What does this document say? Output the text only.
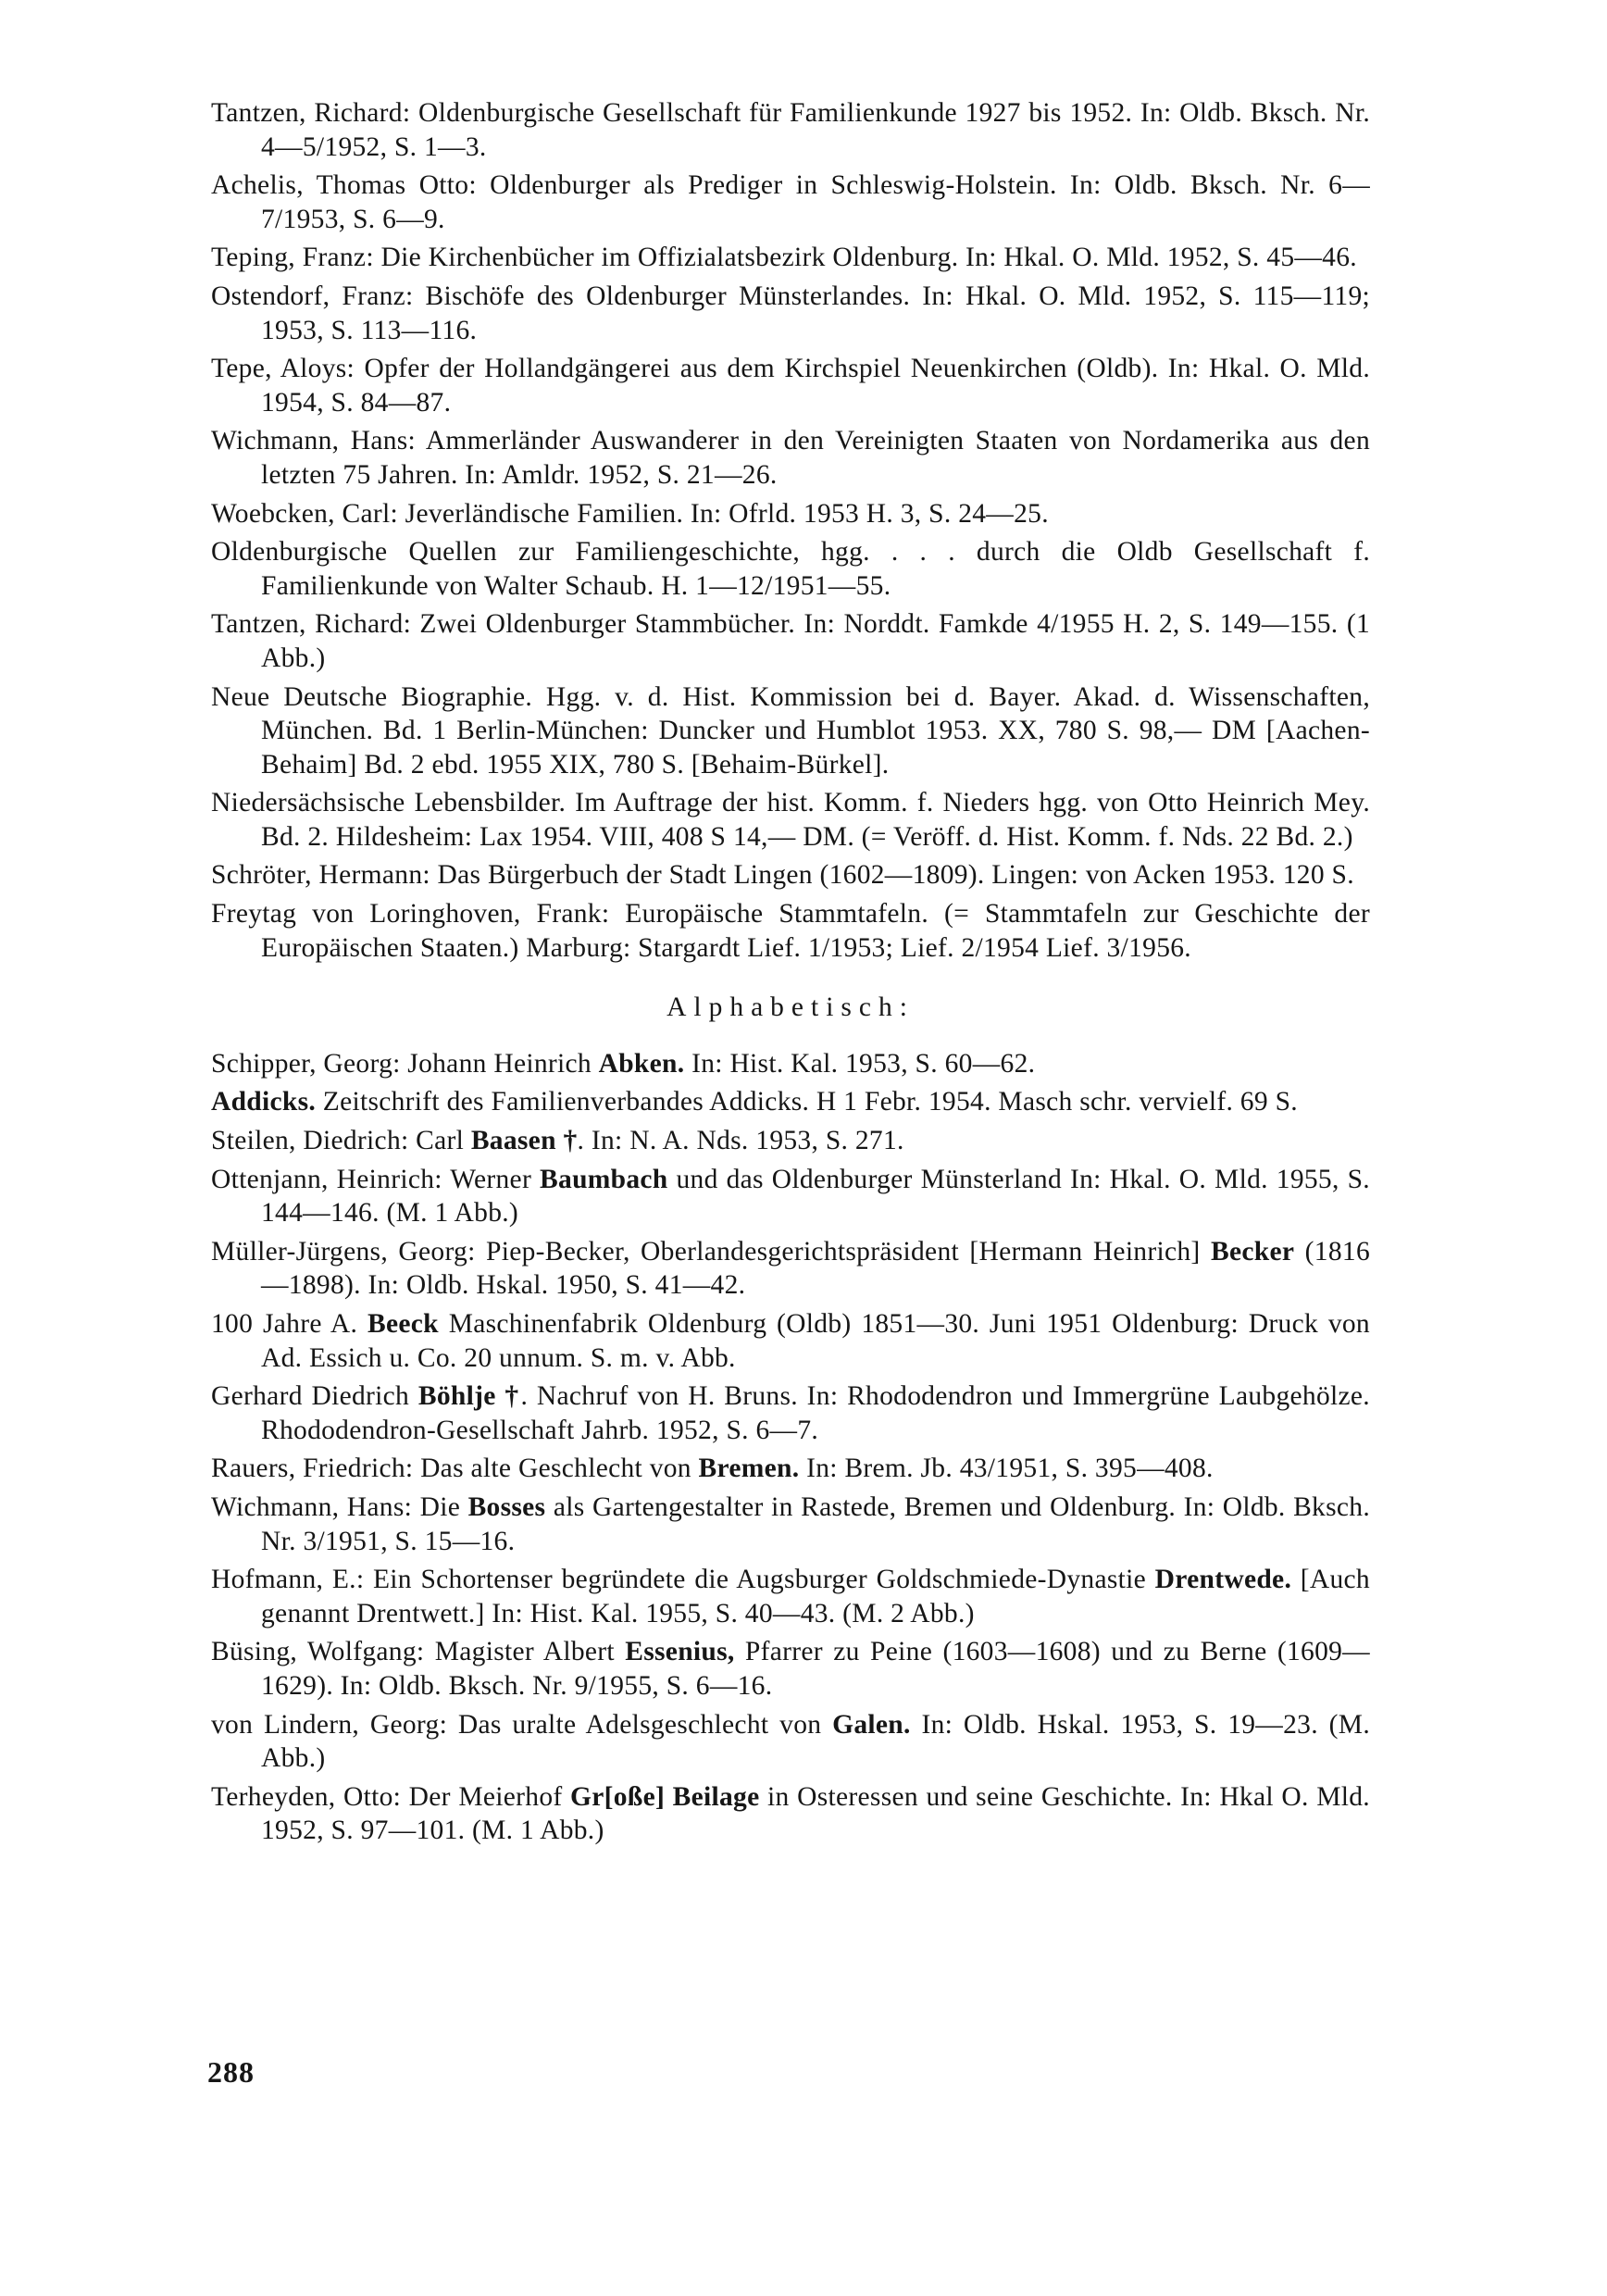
Tantzen, Richard: Oldenburgische Gesellschaft für Familienkunde 1927 bis 1952. In: Oldb. Bksch. Nr. 4—5/1952, S. 1—3.
Achelis, Thomas Otto: Oldenburger als Prediger in Schleswig-Holstein. In: Oldb. Bksch. Nr. 6—7/1953, S. 6—9.
Teping, Franz: Die Kirchenbücher im Offizialatsbezirk Oldenburg. In: Hkal. O. Mld. 1952, S. 45—46.
Ostendorf, Franz: Bischöfe des Oldenburger Münsterlandes. In: Hkal. O. Mld. 1952, S. 115—119; 1953, S. 113—116.
Tepe, Aloys: Opfer der Hollandgängerei aus dem Kirchspiel Neuenkirchen (Oldb). In: Hkal. O. Mld. 1954, S. 84—87.
Wichmann, Hans: Ammerländer Auswanderer in den Vereinigten Staaten von Nordamerika aus den letzten 75 Jahren. In: Amldr. 1952, S. 21—26.
Woebcken, Carl: Jeverländische Familien. In: Ofrld. 1953 H. 3, S. 24—25.
Oldenburgische Quellen zur Familiengeschichte, hgg. . . . durch die Oldb Gesellschaft f. Familienkunde von Walter Schaub. H. 1—12/1951—55.
Tantzen, Richard: Zwei Oldenburger Stammbücher. In: Norddt. Famkde 4/1955 H. 2, S. 149—155. (1 Abb.)
Neue Deutsche Biographie. Hgg. v. d. Hist. Kommission bei d. Bayer. Akad. d. Wissenschaften, München. Bd. 1 Berlin-München: Duncker und Humblot 1953. XX, 780 S. 98,— DM [Aachen-Behaim] Bd. 2 ebd. 1955 XIX, 780 S. [Behaim-Bürkel].
Niedersächsische Lebensbilder. Im Auftrage der hist. Komm. f. Nieders hgg. von Otto Heinrich Mey. Bd. 2. Hildesheim: Lax 1954. VIII, 408 S 14,— DM. (= Veröff. d. Hist. Komm. f. Nds. 22 Bd. 2.)
Schröter, Hermann: Das Bürgerbuch der Stadt Lingen (1602—1809). Lingen: von Acken 1953. 120 S.
Freytag von Loringhoven, Frank: Europäische Stammtafeln. (= Stammtafeln zur Geschichte der Europäischen Staaten.) Marburg: Stargardt Lief. 1/1953; Lief. 2/1954 Lief. 3/1956.
Alphabetisch:
Schipper, Georg: Johann Heinrich Abken. In: Hist. Kal. 1953, S. 60—62.
Addicks. Zeitschrift des Familienverbandes Addicks. H 1 Febr. 1954. Masch schr. vervielf. 69 S.
Steilen, Diedrich: Carl Baasen †. In: N. A. Nds. 1953, S. 271.
Ottenjann, Heinrich: Werner Baumbach und das Oldenburger Münsterland In: Hkal. O. Mld. 1955, S. 144—146. (M. 1 Abb.)
Müller-Jürgens, Georg: Piep-Becker, Oberlandesgerichtspräsident [Hermann Heinrich] Becker (1816—1898). In: Oldb. Hskal. 1950, S. 41—42.
100 Jahre A. Beeck Maschinenfabrik Oldenburg (Oldb) 1851—30. Juni 1951 Oldenburg: Druck von Ad. Essich u. Co. 20 unnum. S. m. v. Abb.
Gerhard Diedrich Böhlje †. Nachruf von H. Bruns. In: Rhododendron und Immergrüne Laubgehölze. Rhododendron-Gesellschaft Jahrb. 1952, S. 6—7.
Rauers, Friedrich: Das alte Geschlecht von Bremen. In: Brem. Jb. 43/1951, S. 395—408.
Wichmann, Hans: Die Bosses als Gartengestalter in Rastede, Bremen und Oldenburg. In: Oldb. Bksch. Nr. 3/1951, S. 15—16.
Hofmann, E.: Ein Schortenser begründete die Augsburger Goldschmiede-Dynastie Drentwede. [Auch genannt Drentwett.] In: Hist. Kal. 1955, S. 40—43. (M. 2 Abb.)
Büsing, Wolfgang: Magister Albert Essenius, Pfarrer zu Peine (1603—1608) und zu Berne (1609—1629). In: Oldb. Bksch. Nr. 9/1955, S. 6—16.
von Lindern, Georg: Das uralte Adelsgeschlecht von Galen. In: Oldb. Hskal. 1953, S. 19—23. (M. Abb.)
Terheyden, Otto: Der Meierhof Gr[oße] Beilage in Osteressen und seine Geschichte. In: Hkal O. Mld. 1952, S. 97—101. (M. 1 Abb.)
288
